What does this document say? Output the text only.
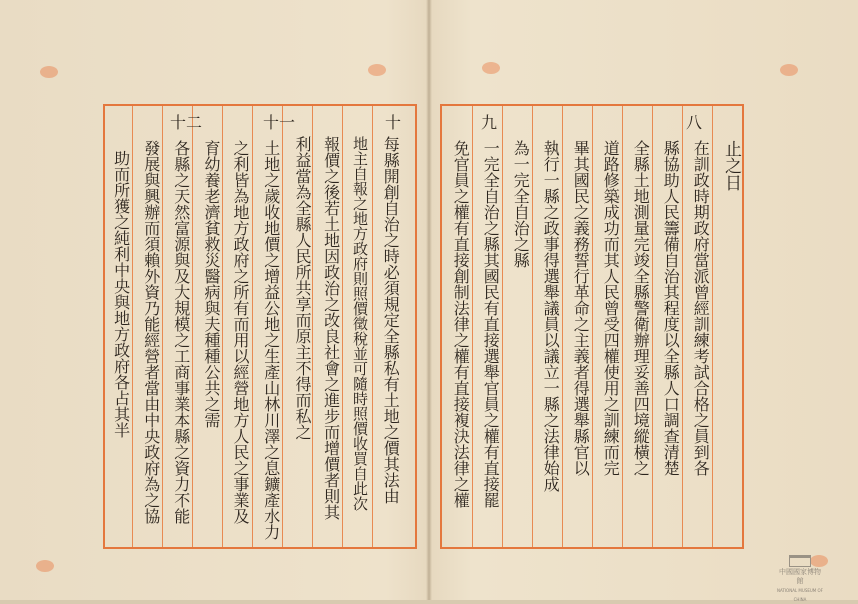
八
止之日
在訓政時期政府當派曾經訓練考試合格之員到各
縣協助人民籌備自治其程度以全縣人口調查清楚
全縣土地測量完竣全縣警衛辦理妥善四境縱橫之
道路修築成功而其人民曾受四權使用之訓練而完
畢其國民之義務誓行革命之主義者得選舉縣官以
執行一縣之政事得選舉議員以議立一縣之法律始成
為一完全自治之縣
九
一完全自治之縣其國民有直接選舉官員之權有直接罷
免官員之權有直接創制法律之權有直接複決法律之權
十
每縣開創自治之時必須規定全縣私有土地之價其法由
地主自報之地方政府則照價徵稅並可隨時照價收買自此次
報價之後若土地因政治之改良社會之進步而增價者則其
利益當為全縣人民所共享而原主不得而私之
十一
土地之歲收地價之增益公地之生產山林川澤之息鑛產水力
之利皆為地方政府之所有而用以經營地方人民之事業及
育幼養老濟貧救災醫病與夫種種公共之需
十二
各縣之天然富源與及大規模之工商事業本縣之資力不能
發展與興辦而須賴外資乃能經營者當由中央政府為之協
助而所獲之純利中央與地方政府各占其半
中國國家博物館
NATIONAL MUSEUM OF CHINA
